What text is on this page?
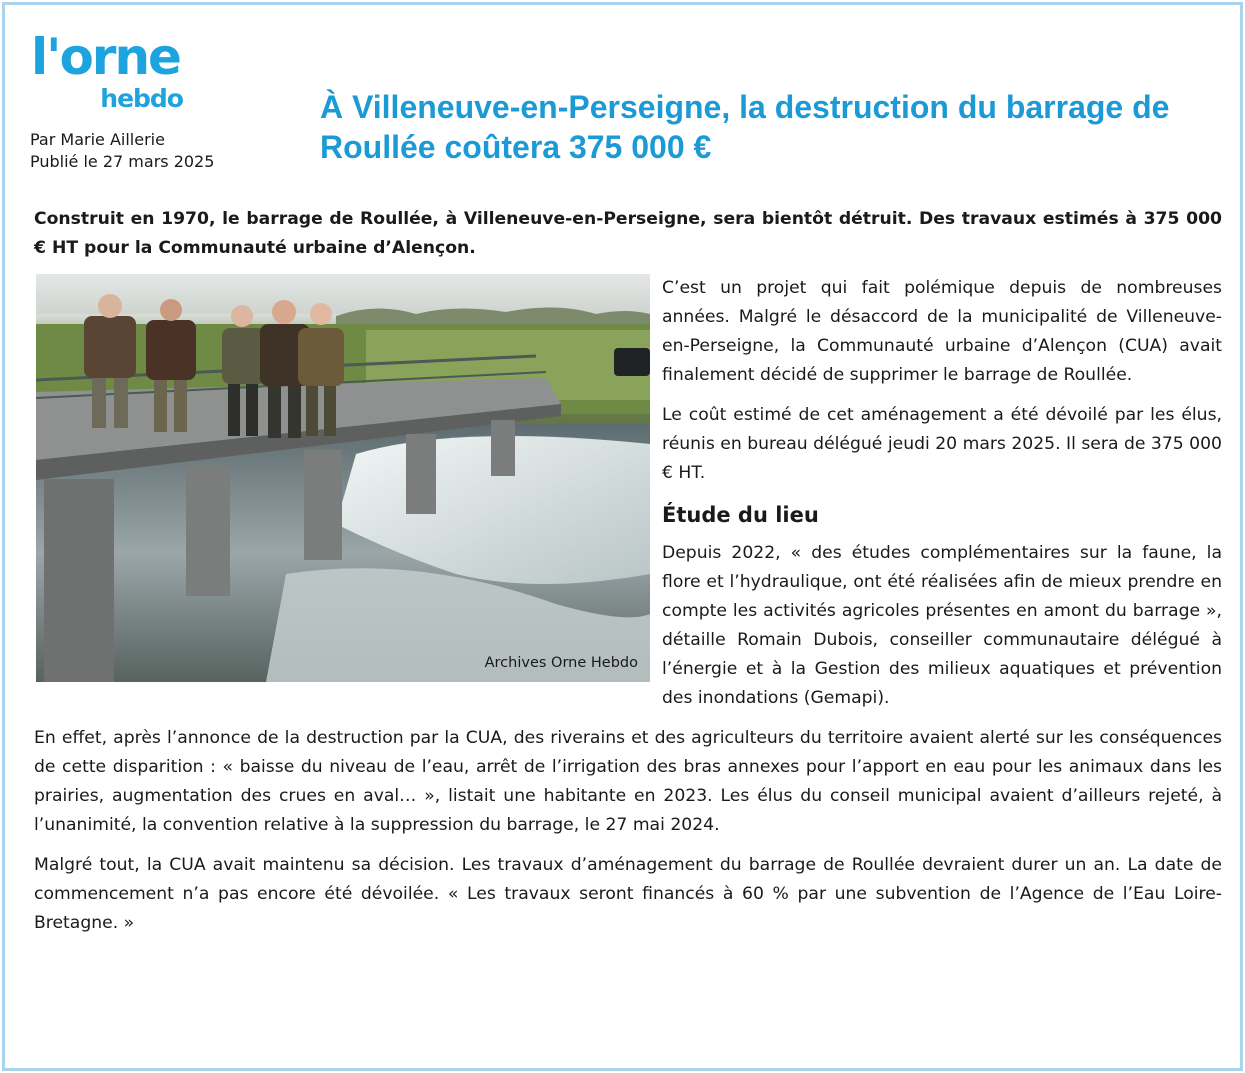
l'orne
hebdo
Par Marie Aillerie
Publié le 27 mars 2025
À Villeneuve-en-Perseigne, la destruction du barrage de Roullée coûtera 375 000 €

Construit en 1970, le barrage de Roullée, à Villeneuve-en-Perseigne, sera bientôt détruit. Des travaux estimés à 375 000 € HT pour la Communauté urbaine d’Alençon.

Archives Orne Hebdo

C’est un projet qui fait polémique depuis de nombreuses années. Malgré le désaccord de la municipalité de Villeneuve-en-Perseigne, la Communauté urbaine d’Alençon (CUA) avait finalement décidé de supprimer le barrage de Roullée.

Le coût estimé de cet aménagement a été dévoilé par les élus, réunis en bureau délégué jeudi 20 mars 2025. Il sera de 375 000 € HT.

Étude du lieu

Depuis 2022, « des études complémentaires sur la faune, la flore et l’hydraulique, ont été réalisées afin de mieux prendre en compte les activités agricoles présentes en amont du barrage », détaille Romain Dubois, conseiller communautaire délégué à l’énergie et à la Gestion des milieux aquatiques et prévention des inondations (Gemapi).

En effet, après l’annonce de la destruction par la CUA, des riverains et des agriculteurs du territoire avaient alerté sur les conséquences de cette disparition : « baisse du niveau de l’eau, arrêt de l’irrigation des bras annexes pour l’apport en eau pour les animaux dans les prairies, augmentation des crues en aval… », listait une habitante en 2023. Les élus du conseil municipal avaient d’ailleurs rejeté, à l’unanimité, la convention relative à la suppression du barrage, le 27 mai 2024.

Malgré tout, la CUA avait maintenu sa décision. Les travaux d’aménagement du barrage de Roullée devraient durer un an. La date de commencement n’a pas encore été dévoilée. « Les travaux seront financés à 60 % par une subvention de l’Agence de l’Eau Loire-Bretagne. »
